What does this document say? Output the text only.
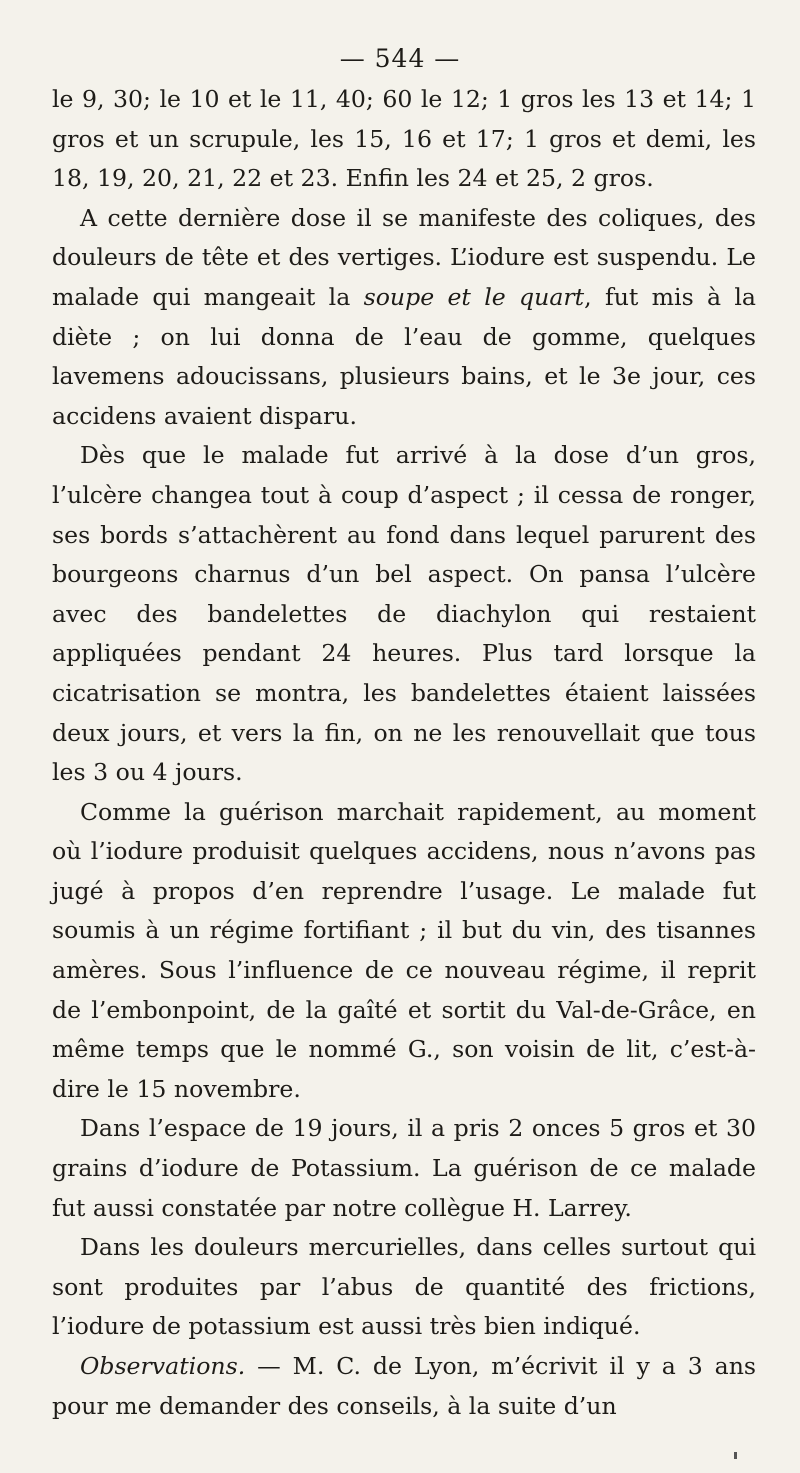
— 544 —

le 9, 30; le 10 et le 11, 40; 60 le 12; 1 gros les 13 et 14; 1 gros et un scrupule, les 15, 16 et 17; 1 gros et demi, les 18, 19, 20, 21, 22 et 23. Enfin les 24 et 25, 2 gros.

A cette dernière dose il se manifeste des coliques, des douleurs de tête et des vertiges. L’iodure est suspendu. Le malade qui mangeait la soupe et le quart, fut mis à la diète ; on lui donna de l’eau de gomme, quelques lavemens adoucissans, plusieurs bains, et le 3e jour, ces accidens avaient disparu.

Dès que le malade fut arrivé à la dose d’un gros, l’ulcère changea tout à coup d’aspect ; il cessa de ronger, ses bords s’attachèrent au fond dans lequel parurent des bourgeons charnus d’un bel aspect. On pansa l’ulcère avec des bandelettes de diachylon qui restaient appliquées pendant 24 heures. Plus tard lorsque la cicatrisation se montra, les bandelettes étaient laissées deux jours, et vers la fin, on ne les renouvellait que tous les 3 ou 4 jours.

Comme la guérison marchait rapidement, au moment où l’iodure produisit quelques accidens, nous n’avons pas jugé à propos d’en reprendre l’usage. Le malade fut soumis à un régime fortifiant ; il but du vin, des tisannes amères. Sous l’influence de ce nouveau régime, il reprit de l’embonpoint, de la gaîté et sortit du Val-de-Grâce, en même temps que le nommé G., son voisin de lit, c’est-à-dire le 15 novembre.

Dans l’espace de 19 jours, il a pris 2 onces 5 gros et 30 grains d’iodure de Potassium. La guérison de ce malade fut aussi constatée par notre collègue H. Larrey.

Dans les douleurs mercurielles, dans celles surtout qui sont produites par l’abus de quantité des frictions, l’iodure de potassium est aussi très bien indiqué.

Observations. — M. C. de Lyon, m’écrivit il y a 3 ans pour me demander des conseils, à la suite d’un
